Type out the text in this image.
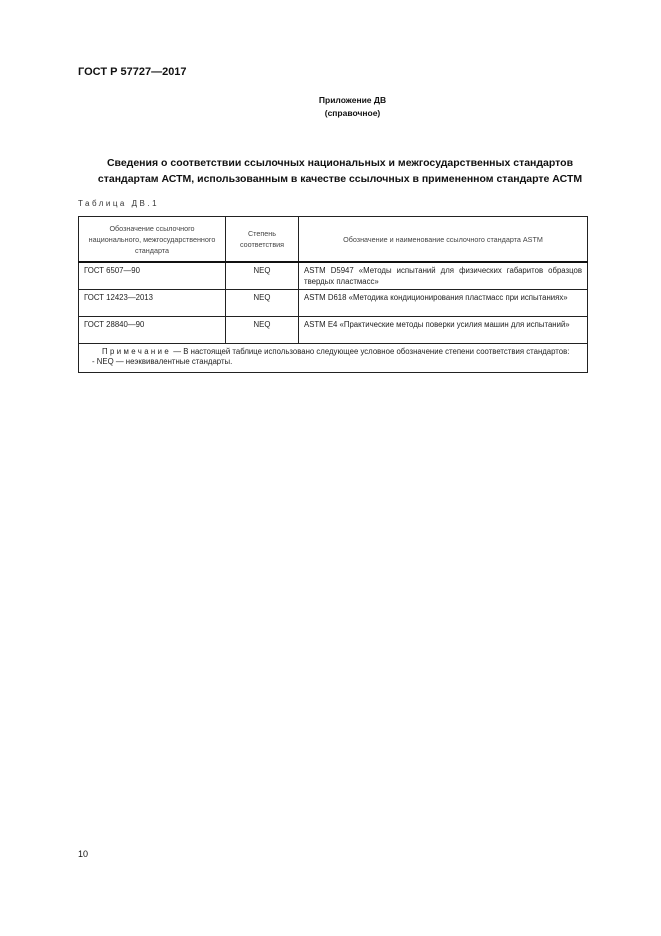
ГОСТ Р 57727—2017
Приложение ДВ
(справочное)
Сведения о соответствии ссылочных национальных и межгосударственных стандартов
стандартам АСТМ, использованным в качестве ссылочных в примененном стандарте АСТМ
Таблица ДВ.1
Обозначение ссылочного национального, межгосударственного стандарта	Степень соответствия	Обозначение и наименование ссылочного стандарта ASTM
ГОСТ 6507—90	NEQ	ASTM D5947 «Методы испытаний для физических габаритов образцов твердых пластмасс»
ГОСТ 12423—2013	NEQ	ASTM D618 «Методика кондиционирования пластмасс при испытаниях»
ГОСТ 28840—90	NEQ	ASTM E4 «Практические методы поверки усилия машин для испытаний»

Примечание — В настоящей таблице использовано следующее условное обозначение степени соответствия стандартов:
- NEQ — неэквивалентные стандарты.		
10
